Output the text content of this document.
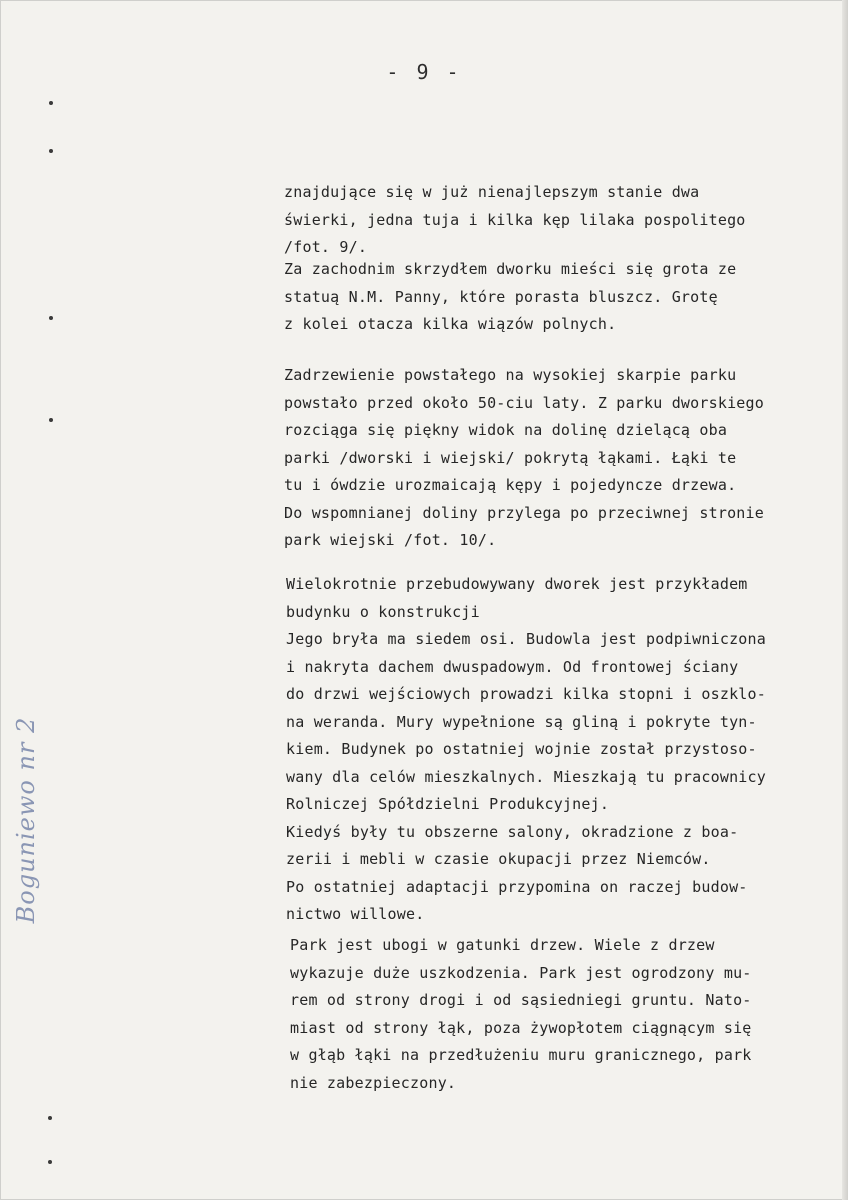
- 9 -
Boguniewo nr 2
znajdujące się w już nienajlepszym stanie dwa
świerki, jedna tuja i kilka kęp lilaka pospolitego
/fot. 9/.
Za zachodnim skrzydłem dworku mieści się grota ze
statuą N.M. Panny, które porasta bluszcz. Grotę
z kolei otacza kilka wiązów polnych.
Zadrzewienie powstałego na wysokiej skarpie parku
powstało przed około 50-ciu laty. Z parku dworskiego
rozciąga się piękny widok na dolinę dzielącą oba
parki /dworski i wiejski/ pokrytą łąkami. Łąki te
tu i ówdzie urozmaicają kępy i pojedyncze drzewa.
Do wspomnianej doliny przylega po przeciwnej stronie
park wiejski /fot. 10/.
Wielokrotnie przebudowywany dworek jest przykładem
budynku o konstrukcji
Jego bryła ma siedem osi. Budowla jest podpiwniczona
i nakryta dachem dwuspadowym. Od frontowej ściany
do drzwi wejściowych prowadzi kilka stopni i oszklo-
na weranda. Mury wypełnione są gliną i pokryte tyn-
kiem. Budynek po ostatniej wojnie został przystoso-
wany dla celów mieszkalnych. Mieszkają tu pracownicy
Rolniczej Spółdzielni Produkcyjnej.
Kiedyś były tu obszerne salony, okradzione z boa-
zerii i mebli w czasie okupacji przez Niemców.
Po ostatniej adaptacji przypomina on raczej budow-
nictwo willowe.
Park jest ubogi w gatunki drzew. Wiele z drzew
wykazuje duże uszkodzenia. Park jest ogrodzony mu-
rem od strony drogi i od sąsiedniegi gruntu. Nato-
miast od strony łąk, poza żywopłotem ciągnącym się
w głąb łąki na przedłużeniu muru granicznego, park
nie zabezpieczony.
